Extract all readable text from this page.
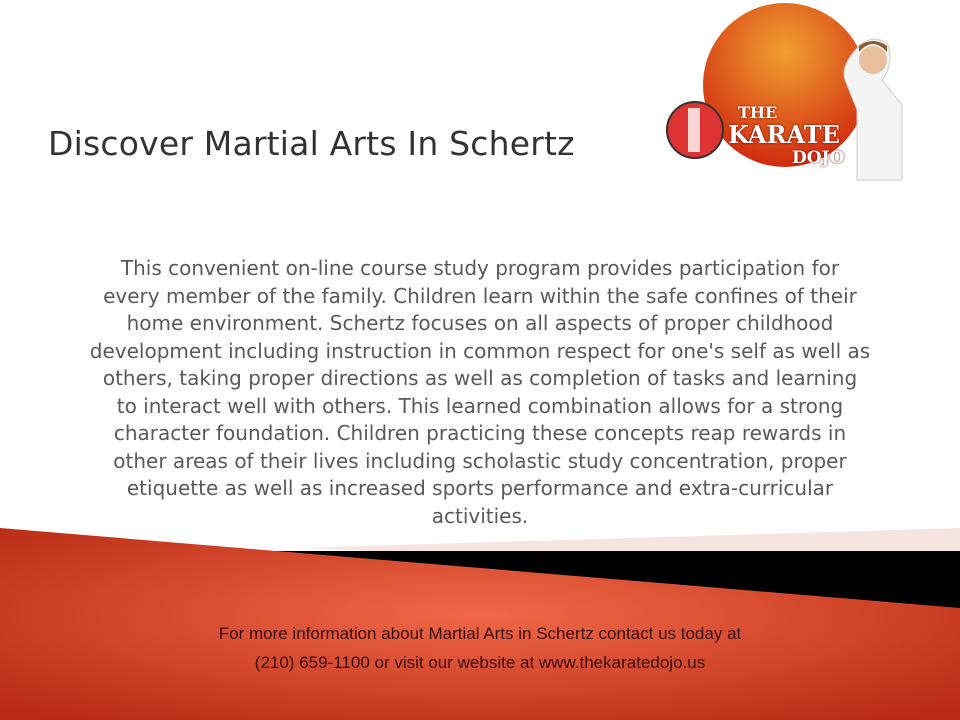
Discover Martial Arts In Schertz
THE
KARATE
DOJO
This convenient on-line course study program provides participation for
every member of the family. Children learn within the safe confines of their
home environment. Schertz focuses on all aspects of proper childhood
development including instruction in common respect for one's self as well as
others, taking proper directions as well as completion of tasks and learning
to interact well with others. This learned combination allows for a strong
character foundation. Children practicing these concepts reap rewards in
other areas of their lives including scholastic study concentration, proper
etiquette as well as increased sports performance and extra-curricular
activities.
For more information about Martial Arts in Schertz contact us today at
(210) 659-1100 or visit our website at www.thekaratedojo.us
